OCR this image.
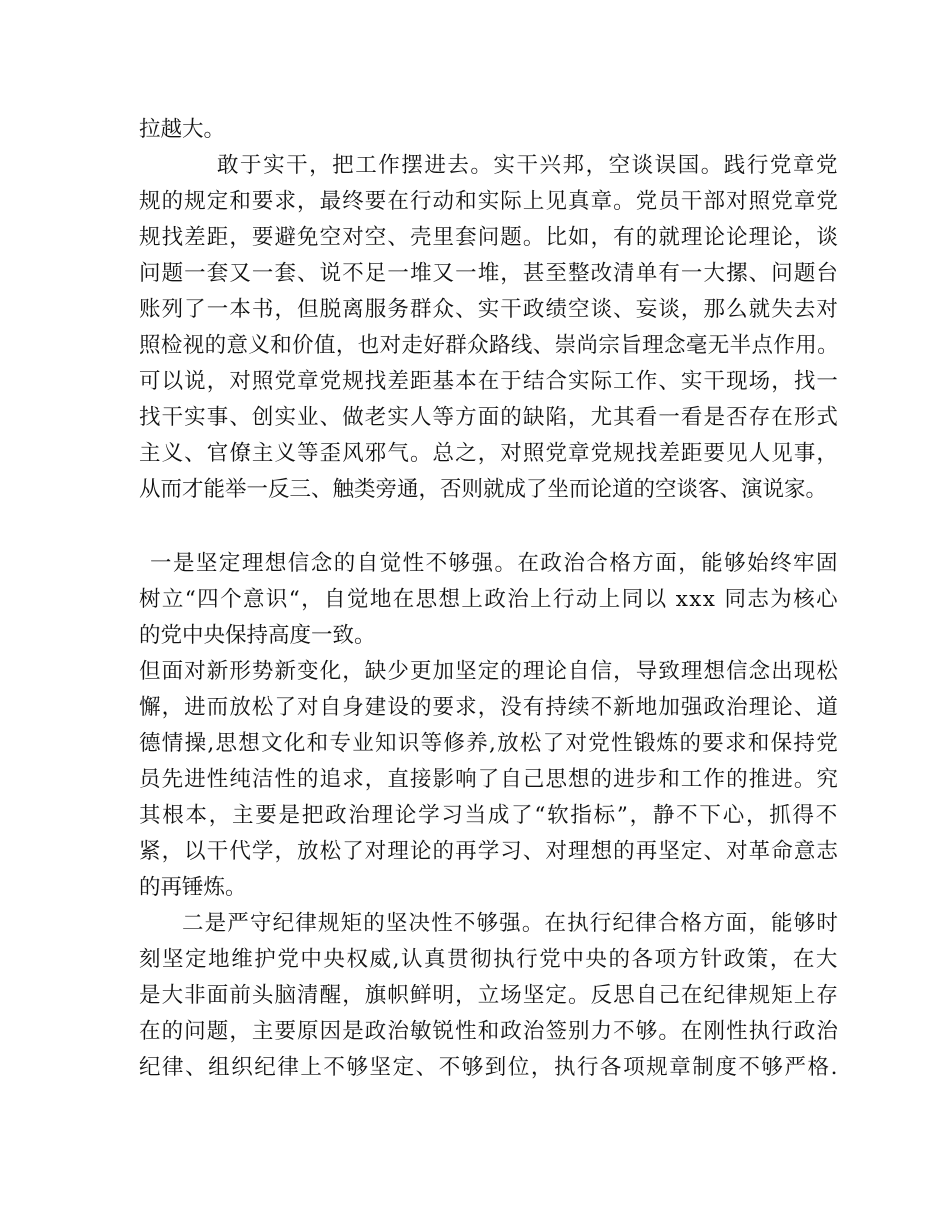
拉越大。
敢于实干，把工作摆进去。实干兴邦，空谈误国。践行党章党
规的规定和要求，最终要在行动和实际上见真章。党员干部对照党章党
规找差距，要避免空对空、壳里套问题。比如，有的就理论论理论，谈
问题一套又一套、说不足一堆又一堆，甚至整改清单有一大摞、问题台
账列了一本书，但脱离服务群众、实干政绩空谈、妄谈，那么就失去对
照检视的意义和价值，也对走好群众路线、崇尚宗旨理念毫无半点作用。
可以说，对照党章党规找差距基本在于结合实际工作、实干现场，找一
找干实事、创实业、做老实人等方面的缺陷，尤其看一看是否存在形式
主义、官僚主义等歪风邪气。总之，对照党章党规找差距要见人见事，
从而才能举一反三、触类旁通，否则就成了坐而论道的空谈客、演说家。
一是坚定理想信念的自觉性不够强。在政治合格方面，能够始终牢固
树立“四个意识“，自觉地在思想上政治上行动上同以 xxx 同志为核心
的党中央保持高度一致。
但面对新形势新变化，缺少更加坚定的理论自信，导致理想信念出现松
懈，进而放松了对自身建设的要求，没有持续不新地加强政治理论、道
德情操,思想文化和专业知识等修养,放松了对党性锻炼的要求和保持党
员先进性纯洁性的追求，直接影响了自己思想的进步和工作的推进。究
其根本，主要是把政治理论学习当成了“软指标”，静不下心，抓得不
紧，以干代学，放松了对理论的再学习、对理想的再坚定、对革命意志
的再锤炼。
二是严守纪律规矩的坚决性不够强。在执行纪律合格方面，能够时
刻坚定地维护党中央权威,认真贯彻执行党中央的各项方针政策，在大
是大非面前头脑清醒，旗帜鲜明，立场坚定。反思自己在纪律规矩上存
在的问题，主要原因是政治敏锐性和政治签别力不够。在刚性执行政治
纪律、组织纪律上不够坚定、不够到位，执行各项规章制度不够严格.
